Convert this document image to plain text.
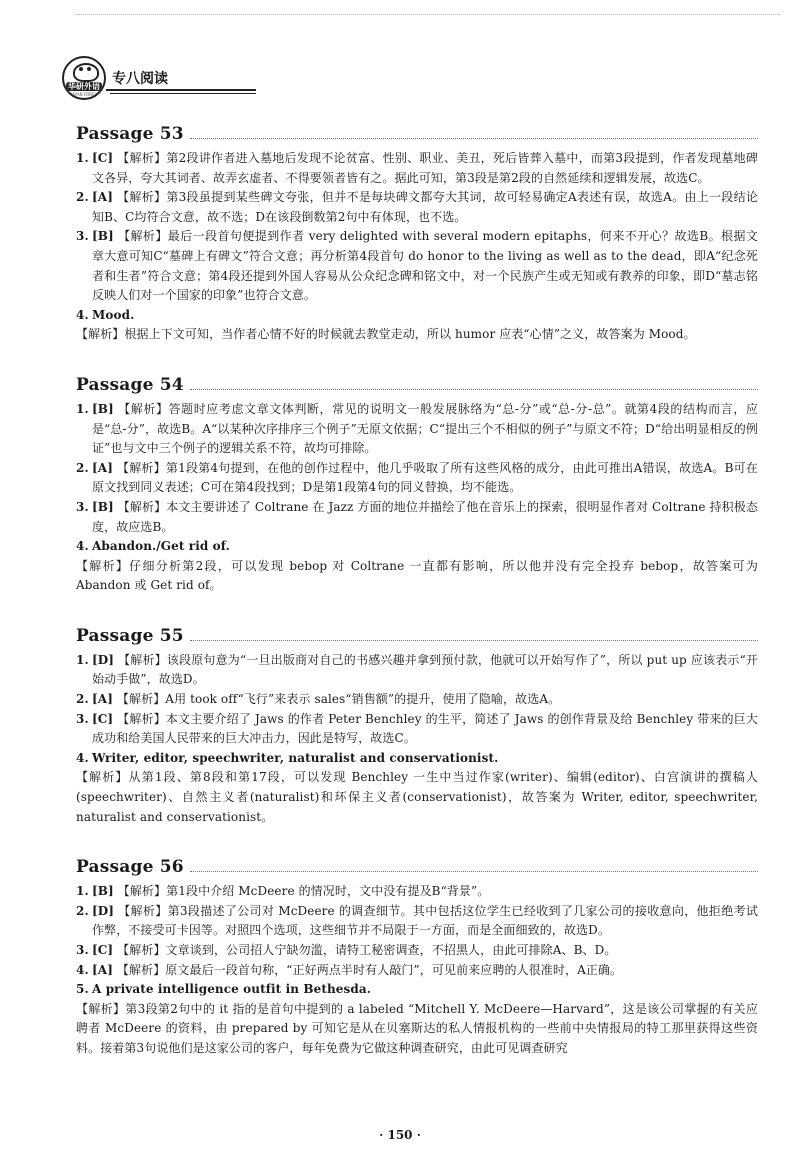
华研外语
HUAYAN FOREIGN LANGUAGES
专八阅读
Passage 53
1. [C] 【解析】第2段讲作者进入墓地后发现不论贫富、性别、职业、美丑，死后皆葬入墓中，而第3段提到，作者发现墓地碑文各异，夸大其词者、故弄玄虚者、不得要领者皆有之。据此可知，第3段是第2段的自然延续和逻辑发展，故选C。
2. [A] 【解析】第3段虽提到某些碑文夸张，但并不是每块碑文都夸大其词，故可轻易确定A表述有误，故选A。由上一段结论知B、C均符合文意，故不选；D在该段倒数第2句中有体现，也不选。
3. [B] 【解析】最后一段首句便提到作者 very delighted with several modern epitaphs，何来不开心？故选B。根据文章大意可知C“墓碑上有碑文”符合文意；再分析第4段首句 do honor to the living as well as to the dead，即A“纪念死者和生者”符合文意；第4段还提到外国人容易从公众纪念碑和铭文中，对一个民族产生或无知或有教养的印象，即D“墓志铭反映人们对一个国家的印象”也符合文意。
4. Mood.
【解析】根据上下文可知，当作者心情不好的时候就去教堂走动，所以 humor 应表“心情”之义，故答案为 Mood。
Passage 54
1. [B] 【解析】答题时应考虑文章文体判断，常见的说明文一般发展脉络为“总-分”或“总-分-总”。就第4段的结构而言，应是“总-分”，故选B。A“以某种次序排序三个例子”无原文依据；C“提出三个不相似的例子”与原文不符；D“给出明显相反的例证”也与文中三个例子的逻辑关系不符，故均可排除。
2. [A] 【解析】第1段第4句提到，在他的创作过程中，他几乎吸取了所有这些风格的成分，由此可推出A错误，故选A。B可在原文找到同义表述；C可在第4段找到；D是第1段第4句的同义替换，均不能选。
3. [B] 【解析】本文主要讲述了 Coltrane 在 Jazz 方面的地位并描绘了他在音乐上的探索，很明显作者对 Coltrane 持积极态度，故应选B。
4. Abandon./Get rid of.
【解析】仔细分析第2段，可以发现 bebop 对 Coltrane 一直都有影响，所以他并没有完全投弃 bebop，故答案可为 Abandon 或 Get rid of。
Passage 55
1. [D] 【解析】该段原句意为“一旦出版商对自己的书感兴趣并拿到预付款，他就可以开始写作了”，所以 put up 应该表示“开始动手做”，故选D。
2. [A] 【解析】A用 took off“飞行”来表示 sales“销售额”的提升，使用了隐喻，故选A。
3. [C] 【解析】本文主要介绍了 Jaws 的作者 Peter Benchley 的生平，简述了 Jaws 的创作背景及给 Benchley 带来的巨大成功和给美国人民带来的巨大冲击力，因此是特写，故选C。
4. Writer, editor, speechwriter, naturalist and conservationist.
【解析】从第1段、第8段和第17段，可以发现 Benchley 一生中当过作家(writer)、编辑(editor)、白宫演讲的撰稿人(speechwriter)、自然主义者(naturalist)和环保主义者(conservationist)，故答案为 Writer, editor, speechwriter, naturalist and conservationist。
Passage 56
1. [B] 【解析】第1段中介绍 McDeere 的情况时，文中没有提及B“背景”。
2. [D] 【解析】第3段描述了公司对 McDeere 的调查细节。其中包括这位学生已经收到了几家公司的接收意向，他拒绝考试作弊，不接受可卡因等。对照四个选项，这些细节并不局限于一方面，而是全面细致的，故选D。
3. [C] 【解析】文章谈到，公司招人宁缺勿滥，请特工秘密调查，不招黑人，由此可排除A、B、D。
4. [A] 【解析】原文最后一段首句称，“正好两点半时有人敲门”，可见前来应聘的人很准时，A正确。
5. A private intelligence outfit in Bethesda.
【解析】第3段第2句中的 it 指的是首句中提到的 a labeled “Mitchell Y. McDeere—Harvard”，这是该公司掌握的有关应聘者 McDeere 的资料，由 prepared by 可知它是从在贝塞斯达的私人情报机构的一些前中央情报局的特工那里获得这些资料。接着第3句说他们是这家公司的客户，每年免费为它做这种调查研究，由此可见调查研究
· 150 ·
